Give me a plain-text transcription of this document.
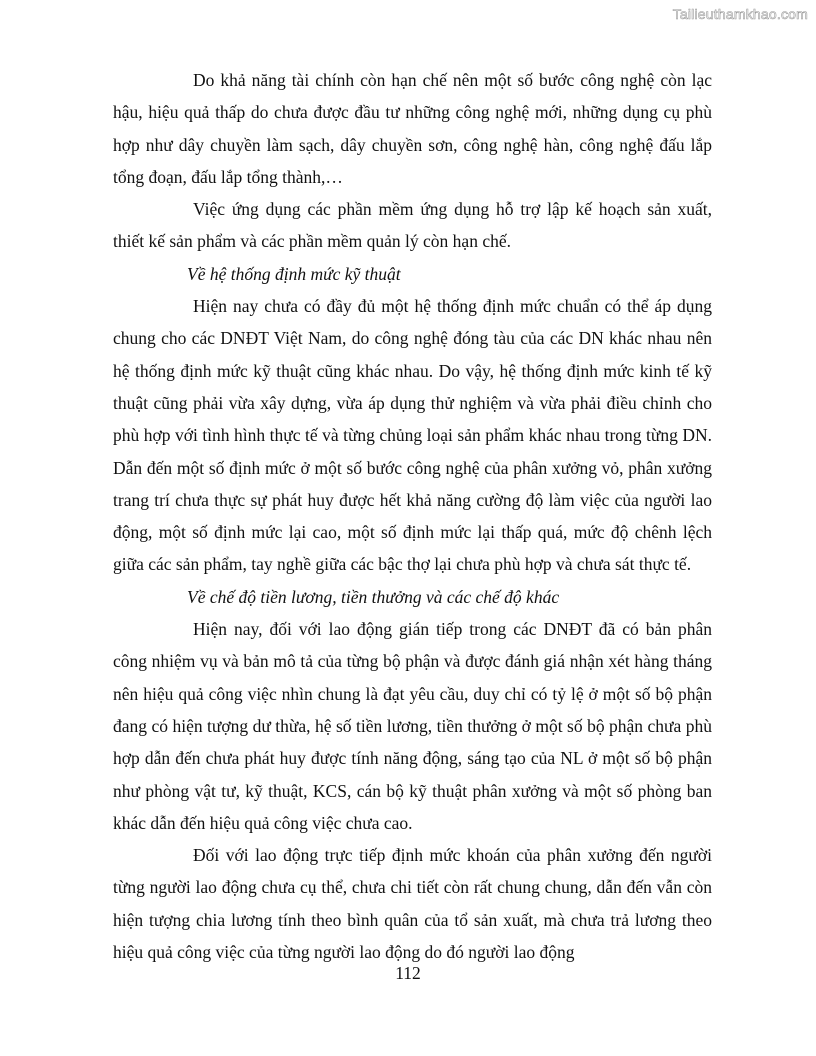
Tailieuthamkhao.com

Do khả năng tài chính còn hạn chế nên một số bước công nghệ còn lạc hậu, hiệu quả thấp do chưa được đầu tư những công nghệ mới, những dụng cụ phù hợp như dây chuyền làm sạch, dây chuyền sơn, công nghệ hàn, công nghệ đấu lắp tổng đoạn, đấu lắp tổng thành,…

Việc ứng dụng các phần mềm ứng dụng hỗ trợ lập kế hoạch sản xuất, thiết kế sản phẩm và các phần mềm quản lý còn hạn chế.

Về hệ thống định mức kỹ thuật

Hiện nay chưa có đầy đủ một hệ thống định mức chuẩn có thể áp dụng chung cho các DNĐT Việt Nam, do công nghệ đóng tàu của các DN khác nhau nên hệ thống định mức kỹ thuật cũng khác nhau. Do vậy, hệ thống định mức kinh tế kỹ thuật cũng phải vừa xây dựng, vừa áp dụng thử nghiệm và vừa phải điều chỉnh cho phù hợp với tình hình thực tế và từng chủng loại sản phẩm khác nhau trong từng DN. Dẫn đến một số định mức ở một số bước công nghệ của phân xưởng vỏ, phân xưởng trang trí chưa thực sự phát huy được hết khả năng cường độ làm việc của người lao động, một số định mức lại cao, một số định mức lại thấp quá, mức độ chênh lệch giữa các sản phẩm, tay nghề giữa các bậc thợ lại chưa phù hợp và chưa sát thực tế.

Về chế độ tiền lương, tiền thưởng và các chế độ khác

Hiện nay, đối với lao động gián tiếp trong các DNĐT đã có bản phân công nhiệm vụ và bản mô tả của từng bộ phận và được đánh giá nhận xét hàng tháng nên hiệu quả công việc nhìn chung là đạt yêu cầu, duy chỉ có tỷ lệ ở một số bộ phận đang có hiện tượng dư thừa, hệ số tiền lương, tiền thưởng ở một số bộ phận chưa phù hợp dẫn đến chưa phát huy được tính năng động, sáng tạo của NL ở một số bộ phận như phòng vật tư, kỹ thuật, KCS, cán bộ kỹ thuật phân xưởng và một số phòng ban khác dẫn đến hiệu quả công việc chưa cao.

Đối với lao động trực tiếp định mức khoán của phân xưởng đến người từng người lao động chưa cụ thể, chưa chi tiết còn rất chung chung, dẫn đến vẫn còn hiện tượng chia lương tính theo bình quân của tổ sản xuất, mà chưa trả lương theo hiệu quả công việc của từng người lao động do đó người lao động

112
